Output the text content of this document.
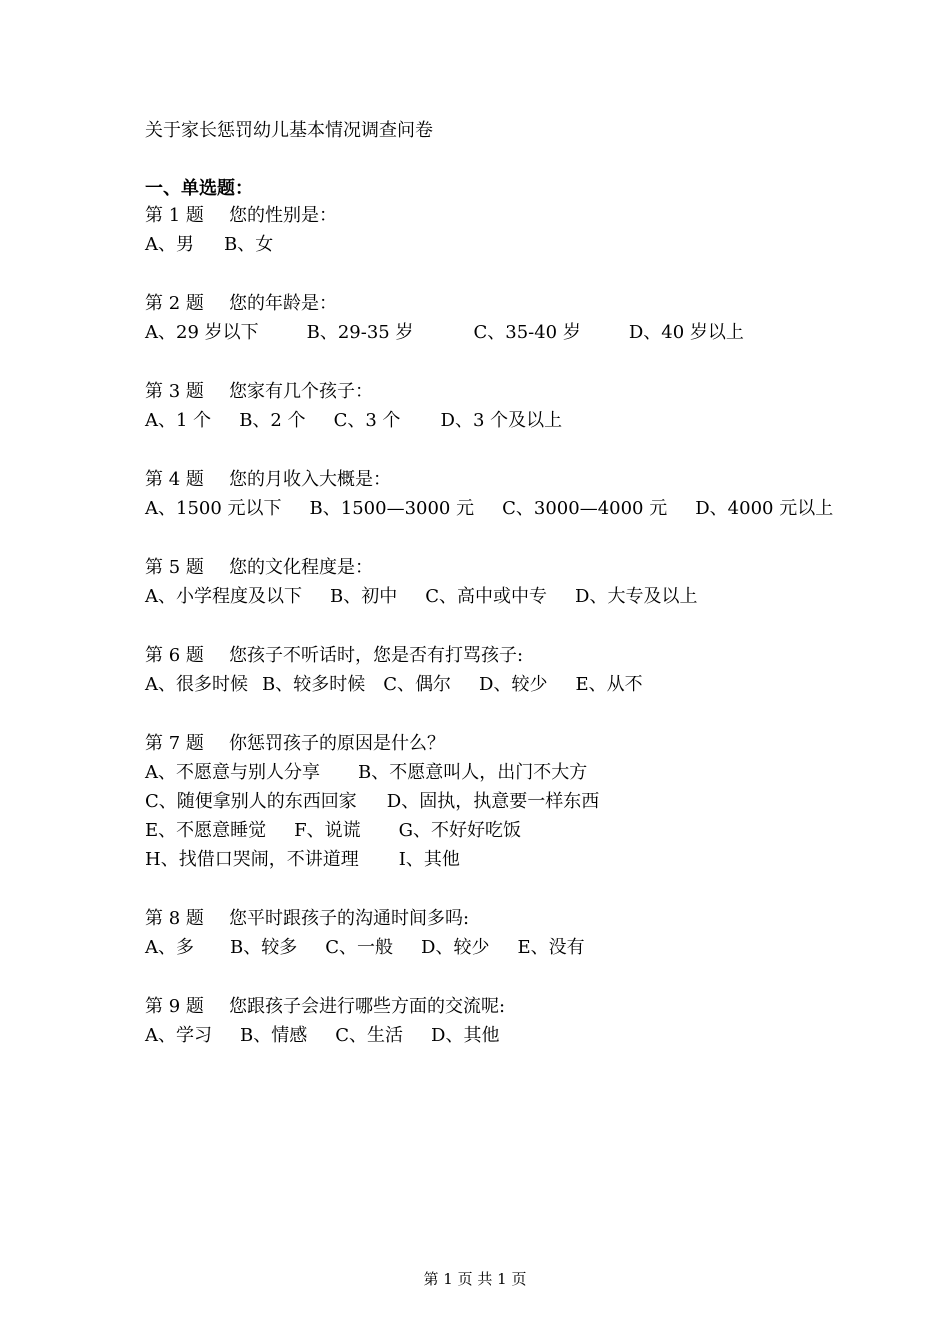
关于家长惩罚幼儿基本情况调查问卷

一、单选题：

第 1 题 您的性别是：

A、男 B、女

第 2 题 您的年龄是：

A、29 岁以下	B、29-35 岁	C、35-40 岁	D、40 岁以上

第 3 题 您家有几个孩子：

A、1 个 B、2 个 C、3 个 D、3 个及以上

第 4 题 您的月收入大概是：

A、1500 元以下 B、1500—3000 元 C、3000—4000 元 D、4000 元以上

第 5 题 您的文化程度是：

A、小学程度及以下 B、初中 C、高中或中专 D、大专及以上

第 6 题 您孩子不听话时，您是否有打骂孩子:

A、很多时候 B、较多时候 C、偶尔 D、较少 E、从不

第 7 题 你惩罚孩子的原因是什么？

A、不愿意与别人分享 B、不愿意叫人，出门不大方

C、随便拿别人的东西回家 D、固执，执意要一样东西

E、不愿意睡觉 F、说谎 G、不好好吃饭

H、找借口哭闹，不讲道理 I、其他

第 8 题 您平时跟孩子的沟通时间多吗:

A、多 B、较多 C、一般 D、较少 E、没有

第 9 题 您跟孩子会进行哪些方面的交流呢:

A、学习 B、情感 C、生活 D、其他

第 1 页 共 1 页
